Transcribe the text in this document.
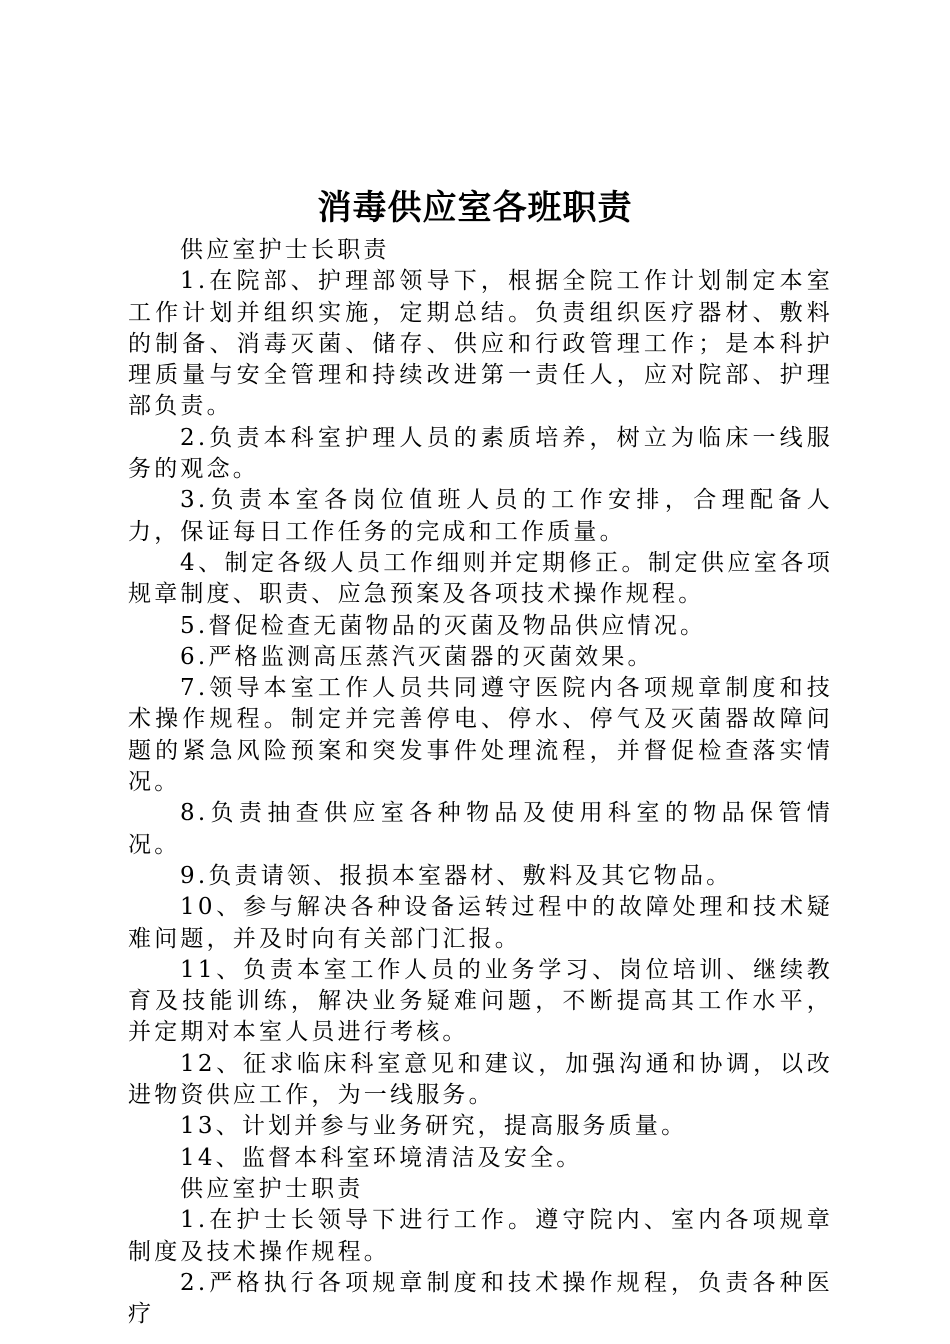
消毒供应室各班职责

供应室护士长职责

1.在院部、护理部领导下，根据全院工作计划制定本室工作计划并组织实施，定期总结。负责组织医疗器材、敷料的制备、消毒灭菌、储存、供应和行政管理工作；是本科护理质量与安全管理和持续改进第一责任人，应对院部、护理部负责。

2.负责本科室护理人员的素质培养，树立为临床一线服务的观念。

3.负责本室各岗位值班人员的工作安排，合理配备人力，保证每日工作任务的完成和工作质量。

4、制定各级人员工作细则并定期修正。制定供应室各项规章制度、职责、应急预案及各项技术操作规程。

5.督促检查无菌物品的灭菌及物品供应情况。

6.严格监测高压蒸汽灭菌器的灭菌效果。

7.领导本室工作人员共同遵守医院内各项规章制度和技术操作规程。制定并完善停电、停水、停气及灭菌器故障问题的紧急风险预案和突发事件处理流程，并督促检查落实情况。

8.负责抽查供应室各种物品及使用科室的物品保管情况。

9.负责请领、报损本室器材、敷料及其它物品。

10、参与解决各种设备运转过程中的故障处理和技术疑难问题，并及时向有关部门汇报。

11、负责本室工作人员的业务学习、岗位培训、继续教育及技能训练，解决业务疑难问题，不断提高其工作水平，并定期对本室人员进行考核。

12、征求临床科室意见和建议，加强沟通和协调，以改进物资供应工作，为一线服务。

13、计划并参与业务研究，提高服务质量。

14、监督本科室环境清洁及安全。

供应室护士职责

1.在护士长领导下进行工作。遵守院内、室内各项规章制度及技术操作规程。

2.严格执行各项规章制度和技术操作规程，负责各种医疗
